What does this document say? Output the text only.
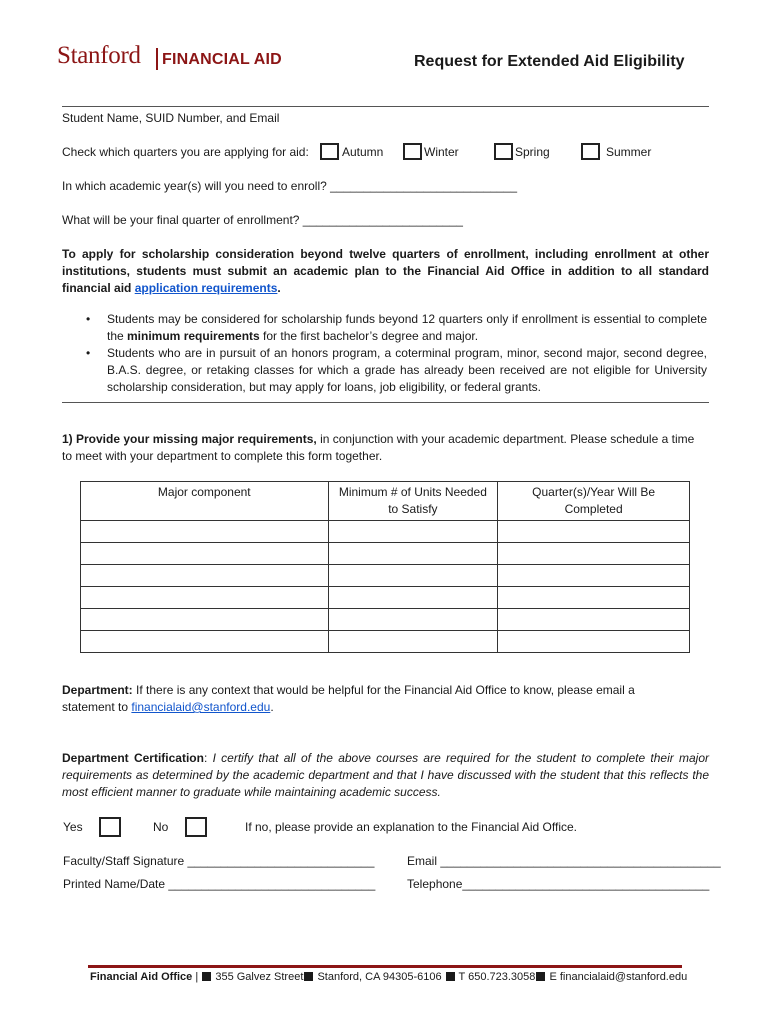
Stanford FINANCIAL AID	Request for Extended Aid Eligibility
Student Name, SUID Number, and Email
Check which quarters you are applying for aid:	Autumn	Winter	Spring	Summer
In which academic year(s) will you need to enroll? ____________________________
What will be your final quarter of enrollment? ________________________
To apply for scholarship consideration beyond twelve quarters of enrollment, including enrollment at other institutions, students must submit an academic plan to the Financial Aid Office in addition to all standard financial aid application requirements.
• Students may be considered for scholarship funds beyond 12 quarters only if enrollment is essential to complete the minimum requirements for the first bachelor’s degree and major.
• Students who are in pursuit of an honors program, a coterminal program, minor, second major, second degree, B.A.S. degree, or retaking classes for which a grade has already been received are not eligible for University scholarship consideration, but may apply for loans, job eligibility, or federal grants.
1) Provide your missing major requirements, in conjunction with your academic department. Please schedule a time to meet with your department to complete this form together.
Major component	Minimum # of Units Needed to Satisfy	Quarter(s)/Year Will Be Completed

Department: If there is any context that would be helpful for the Financial Aid Office to know, please email a statement to financialaid@stanford.edu.
Department Certification: I certify that all of the above courses are required for the student to complete their major requirements as determined by the academic department and that I have discussed with the student that this reflects the most efficient manner to graduate while maintaining academic success.
Yes	No	If no, please provide an explanation to the Financial Aid Office.
Faculty/Staff Signature ____________________________	Email __________________________________________
Printed Name/Date _______________________________	Telephone_____________________________________
Financial Aid Office |  355 Galvez Street Stanford, CA 94305-6106 T 650.723.3058 E financialaid@stanford.edu
